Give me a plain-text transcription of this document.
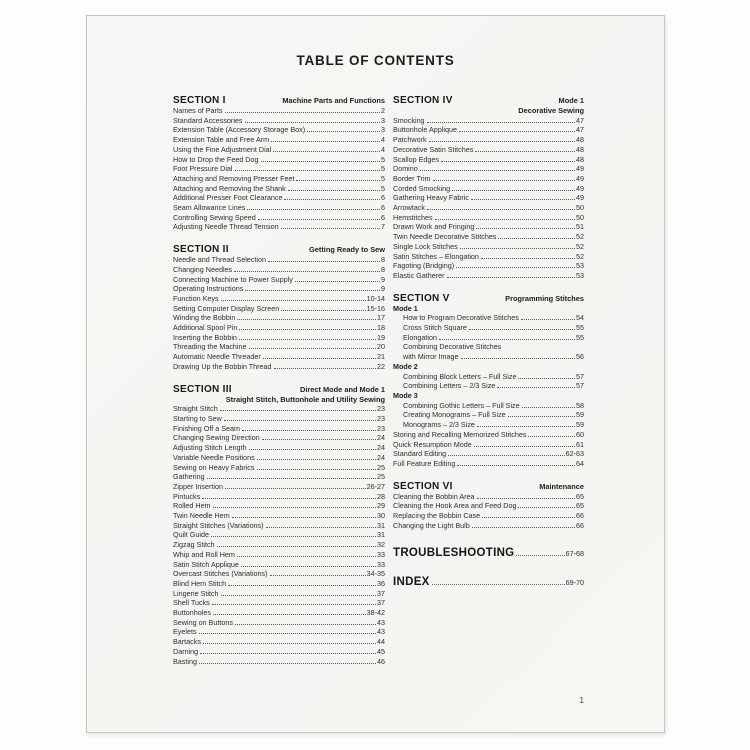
TABLE OF CONTENTS
SECTION I	Machine Parts and Functions
Names of Parts	2
Standard Accessories	3
Extension Table (Accessory Storage Box)	3
Extension Table and Free Arm	4
Using the Fine Adjustment Dial	4
How to Drop the Feed Dog	5
Foot Pressure Dial	5
Attaching and Removing Presser Feet	5
Attaching and Removing the Shank	5
Additional Presser Foot Clearance	6
Seam Allowance Lines	6
Controlling Sewing Speed	6
Adjusting Needle Thread Tension	7
SECTION II	Getting Ready to Sew
Needle and Thread Selection	8
Changing Needles	8
Connecting Machine to Power Supply	9
Operating Instructions	9
Function Keys	10-14
Setting Computer Display Screen	15-16
Winding the Bobbin	17
Additional Spool Pin	18
Inserting the Bobbin	19
Threading the Machine	20
Automatic Needle Threader	21
Drawing Up the Bobbin Thread	22
SECTION III	Direct Mode and Mode 1
Straight Stitch, Buttonhole and Utility Sewing
Straight Stitch	23
Starting to Sew	23
Finishing Off a Seam	23
Changing Sewing Direction	24
Adjusting Stitch Length	24
Variable Needle Positions	24
Sewing on Heavy Fabrics	25
Gathering	25
Zipper Insertion	26-27
Pintucks	28
Rolled Hem	29
Twin Needle Hem	30
Straight Stitches (Variations)	31
Quilt Guide	31
Zigzag Stitch	32
Whip and Roll Hem	33
Satin Stitch Applique	33
Overcast Stitches (Variations)	34-35
Blind Hem Stitch	36
Lingerie Stitch	37
Shell Tucks	37
Buttonholes	38-42
Sewing on Buttons	43
Eyelets	43
Bartacks	44
Darning	45
Basting	46
SECTION IV	Mode 1
Decorative Sewing
Smocking	47
Buttonhole Applique	47
Patchwork	48
Decorative Satin Stitches	48
Scallop Edges	48
Domino	49
Border Trim	49
Corded Smocking	49
Gathering Heavy Fabric	49
Arrowtack	50
Hemstitches	50
Drawn Work and Fringing	51
Twin Needle Decorative Stitches	52
Single Lock Stitches	52
Satin Stitches – Elongation	52
Fagoting (Bridging)	53
Elastic Gatherer	53
SECTION V	Programming Stitches
Mode 1
How to Program Decorative Stitches	54
Cross Stitch Square	55
Elongation	55
Combining Decorative Stitches
with Mirror Image	56
Mode 2
Combining Block Letters – Full Size	57
Combining Letters – 2/3 Size	57
Mode 3
Combining Gothic Letters – Full Size	58
Creating Monograms – Full Size	59
Monograms – 2/3 Size	59
Storing and Recalling Memorized Stitches	60
Quick Resumption Mode	61
Standard Editing	62-63
Full Feature Editing	64
SECTION VI	Maintenance
Cleaning the Bobbin Area	65
Cleaning the Hook Area and Feed Dog	65
Replacing the Bobbin Case	66
Changing the Light Bulb	66
TROUBLESHOOTING	67-68
INDEX	69-70
1
